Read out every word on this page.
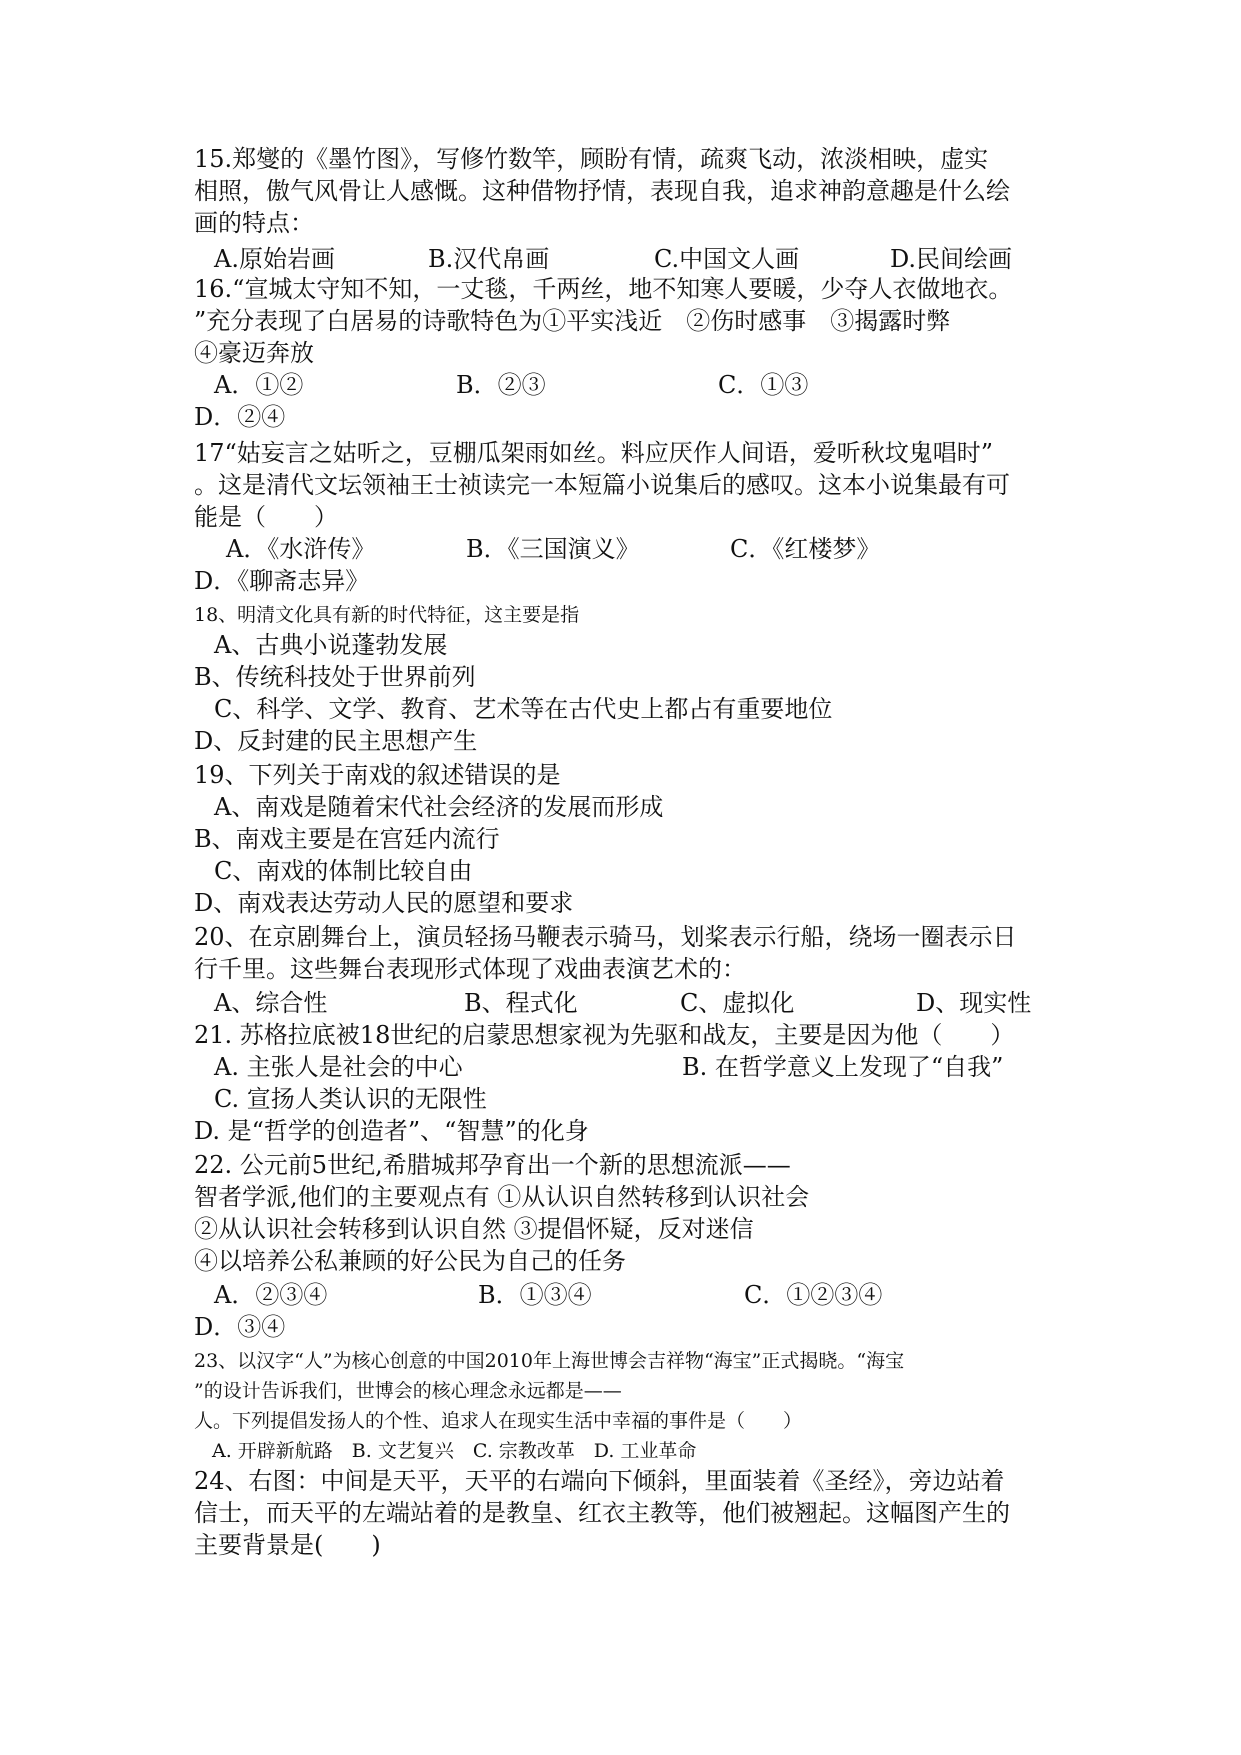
15.郑燮的《墨竹图》，写修竹数竿，顾盼有情，疏爽飞动，浓淡相映，虚实
相照，傲气风骨让人感慨。这种借物抒情，表现自我，追求神韵意趣是什么绘
画的特点：
A.原始岩画	B.汉代帛画	C.中国文人画	D.民间绘画
16.“宣城太守知不知，一丈毯，千两丝，地不知寒人要暖，少夺人衣做地衣。
”充分表现了白居易的诗歌特色为①平实浅近　②伤时感事　③揭露时弊
④豪迈奔放
A．①②	B．②③	C．①③
D．②④
17“姑妄言之姑听之，豆棚瓜架雨如丝。料应厌作人间语，爱听秋坟鬼唱时”
。这是清代文坛领袖王士祯读完一本短篇小说集后的感叹。这本小说集最有可
能是（　　）
A．《水浒传》	B．《三国演义》	C．《红楼梦》
D．《聊斋志异》
18、明清文化具有新的时代特征，这主要是指
A、古典小说蓬勃发展
B、传统科技处于世界前列
C、科学、文学、教育、艺术等在古代史上都占有重要地位
D、反封建的民主思想产生
19、下列关于南戏的叙述错误的是
A、南戏是随着宋代社会经济的发展而形成
B、南戏主要是在宫廷内流行
C、南戏的体制比较自由
D、南戏表达劳动人民的愿望和要求
20、在京剧舞台上，演员轻扬马鞭表示骑马，划桨表示行船，绕场一圈表示日
行千里。这些舞台表现形式体现了戏曲表演艺术的：
A、综合性	B、程式化	C、虚拟化	D、现实性
21. 苏格拉底被18世纪的启蒙思想家视为先驱和战友，主要是因为他（　　）
A. 主张人是社会的中心	B. 在哲学意义上发现了“自我”
C. 宣扬人类认识的无限性
D. 是“哲学的创造者”、“智慧”的化身
22. 公元前5世纪,希腊城邦孕育出一个新的思想流派——
智者学派,他们的主要观点有 ①从认识自然转移到认识社会
②从认识社会转移到认识自然 ③提倡怀疑，反对迷信
④以培养公私兼顾的好公民为自己的任务
A．②③④	B．①③④	C．①②③④
D．③④
23、以汉字“人”为核心创意的中国2010年上海世博会吉祥物“海宝”正式揭晓。“海宝
”的设计告诉我们，世博会的核心理念永远都是——
人。下列提倡发扬人的个性、追求人在现实生活中幸福的事件是（　　）
A. 开辟新航路　B. 文艺复兴　C. 宗教改革　D. 工业革命
24、右图：中间是天平，天平的右端向下倾斜，里面装着《圣经》，旁边站着
信士，而天平的左端站着的是教皇、红衣主教等，他们被翘起。这幅图产生的
主要背景是(　　)
